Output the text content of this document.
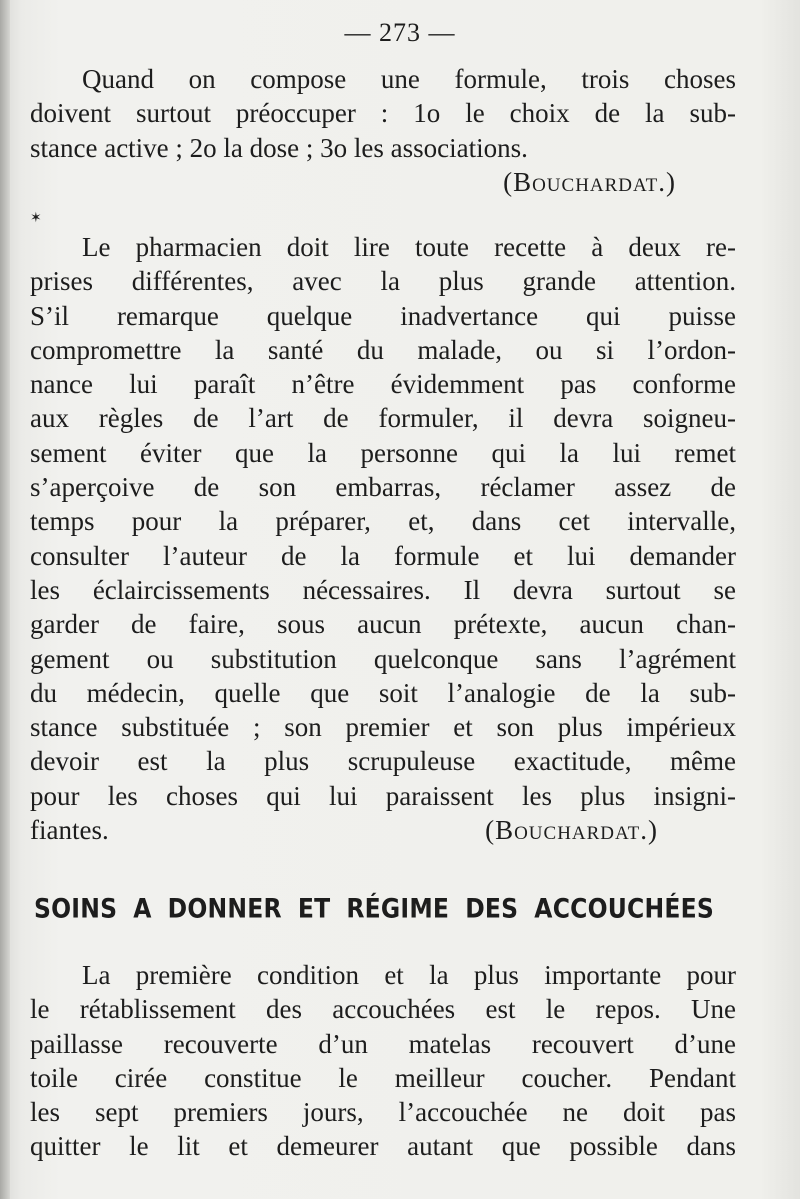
— 273 —
Quand on compose une formule, trois choses
doivent surtout préoccuper : 1o le choix de la sub-
stance active ; 2o la dose ; 3o les associations.
(Bouchardat.)
✶
Le pharmacien doit lire toute recette à deux re-
prises différentes, avec la plus grande attention.
S’il remarque quelque inadvertance qui puisse
compromettre la santé du malade, ou si l’ordon-
nance lui paraît n’être évidemment pas conforme
aux règles de l’art de formuler, il devra soigneu-
sement éviter que la personne qui la lui remet
s’aperçoive de son embarras, réclamer assez de
temps pour la préparer, et, dans cet intervalle,
consulter l’auteur de la formule et lui demander
les éclaircissements nécessaires. Il devra surtout se
garder de faire, sous aucun prétexte, aucun chan-
gement ou substitution quelconque sans l’agrément
du médecin, quelle que soit l’analogie de la sub-
stance substituée ; son premier et son plus impérieux
devoir est la plus scrupuleuse exactitude, même
pour les choses qui lui paraissent les plus insigni-
fiantes.	(Bouchardat.)
SOINS A DONNER ET RÉGIME DES ACCOUCHÉES
La première condition et la plus importante pour
le rétablissement des accouchées est le repos. Une
paillasse recouverte d’un matelas recouvert d’une
toile cirée constitue le meilleur coucher. Pendant
les sept premiers jours, l’accouchée ne doit pas
quitter le lit et demeurer autant que possible dans
